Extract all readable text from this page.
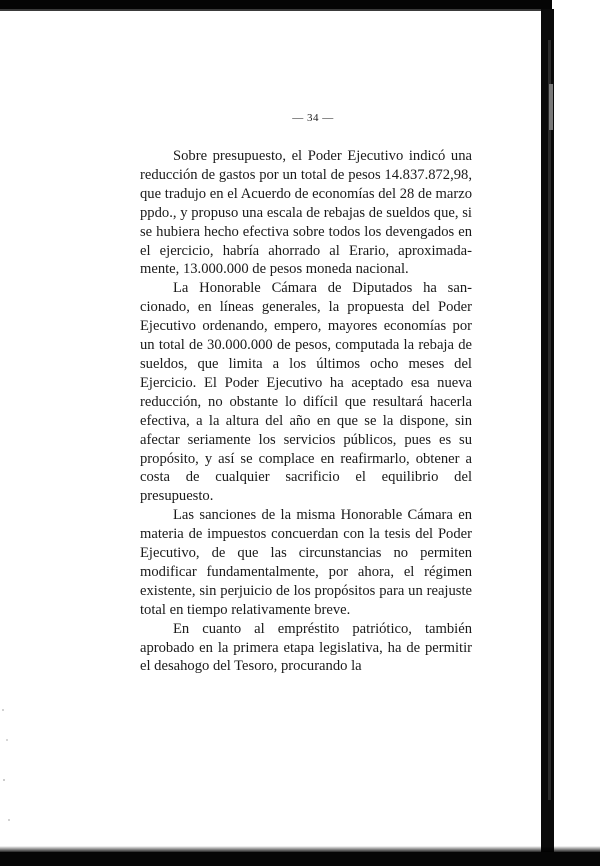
— 34 —

Sobre presupuesto, el Poder Ejecutivo indicó una reducción de gastos por un total de pesos 14.837.872,98, que tradujo en el Acuerdo de economías del 28 de marzo ppdo., y propuso una escala de rebajas de sueldos que, si se hubiera hecho efectiva sobre todos los devengados en el ejercicio, habría ahorrado al Erario, aproximadamente, 13.000.000 de pesos moneda nacional.

La Honorable Cámara de Diputados ha sancionado, en líneas generales, la propuesta del Poder Ejecutivo ordenando, empero, mayores economías por un total de 30.000.000 de pesos, computada la rebaja de sueldos, que limita a los últimos ocho meses del Ejercicio. El Poder Ejecutivo ha aceptado esa nueva reducción, no obstante lo difícil que resultará hacerla efectiva, a la altura del año en que se la dispone, sin afectar seriamente los servicios públicos, pues es su propósito, y así se complace en reafirmarlo, obtener a costa de cualquier sacrificio el equilibrio del presupuesto.

Las sanciones de la misma Honorable Cámara en materia de impuestos concuerdan con la tesis del Poder Ejecutivo, de que las circunstancias no permiten modificar fundamentalmente, por ahora, el régimen existente, sin perjuicio de los propósitos para un reajuste total en tiempo relativamente breve.

En cuanto al empréstito patriótico, también aprobado en la primera etapa legislativa, ha de permitir el desahogo del Tesoro, procurando la
